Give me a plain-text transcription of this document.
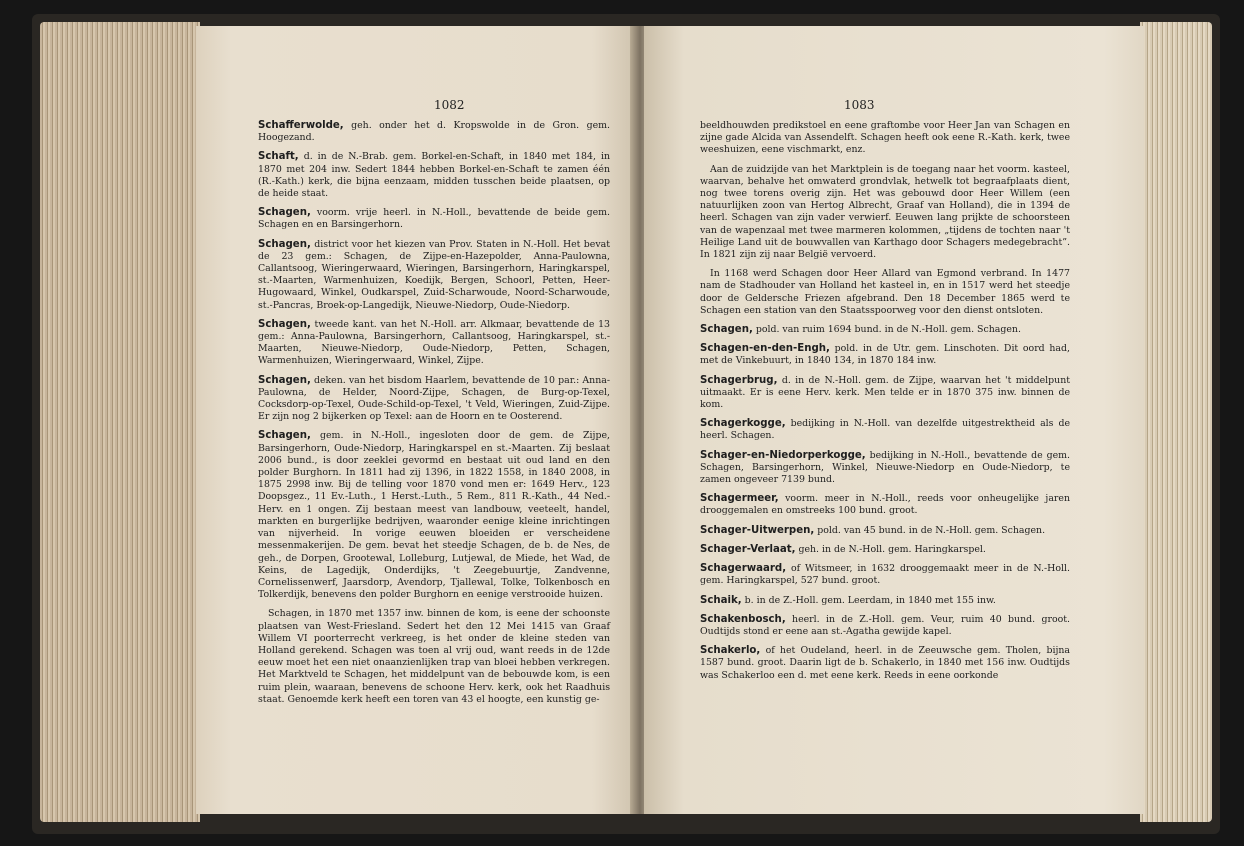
1082

Schafferwolde, geh. onder het d. Kropswolde in de Gron. gem. Hoogezand.

Schaft, d. in de N.-Brab. gem. Borkel-en-Schaft, in 1840 met 184, in 1870 met 204 inw. Sedert 1844 hebben Borkel-en-Schaft te zamen één (R.-Kath.) kerk, die bijna eenzaam, midden tusschen beide plaatsen, op de heide staat.

Schagen, voorm. vrije heerl. in N.-Holl., bevattende de beide gem. Schagen en en Barsingerhorn.

Schagen, district voor het kiezen van Prov. Staten in N.-Holl. Het bevat de 23 gem.: Schagen, de Zijpe-en-Hazepolder, Anna-Paulowna, Callantsoog, Wieringerwaard, Wieringen, Barsingerhorn, Haringkarspel, st.-Maarten, Warmenhuizen, Koedijk, Bergen, Schoorl, Petten, Heer-Hugowaard, Winkel, Oudkarspel, Zuid-Scharwoude, Noord-Scharwoude, st.-Pancras, Broek-op-Langedijk, Nieuwe-Niedorp, Oude-Niedorp.

Schagen, tweede kant. van het N.-Holl. arr. Alkmaar, bevattende de 13 gem.: Anna-Paulowna, Barsingerhorn, Callantsoog, Haringkarspel, st.-Maarten, Nieuwe-Niedorp, Oude-Niedorp, Petten, Schagen, Warmenhuizen, Wieringerwaard, Winkel, Zijpe.

Schagen, deken. van het bisdom Haarlem, bevattende de 10 par.: Anna-Paulowna, de Helder, Noord-Zijpe, Schagen, de Burg-op-Texel, Cocksdorp-op-Texel, Oude-Schild-op-Texel, 't Veld, Wieringen, Zuid-Zijpe. Er zijn nog 2 bijkerken op Texel: aan de Hoorn en te Oosterend.

Schagen, gem. in N.-Holl., ingesloten door de gem. de Zijpe, Barsingerhorn, Oude-Niedorp, Haringkarspel en st.-Maarten. Zij beslaat 2006 bund., is door zeeklei gevormd en bestaat uit oud land en den polder Burghorn. In 1811 had zij 1396, in 1822 1558, in 1840 2008, in 1875 2998 inw. Bij de telling voor 1870 vond men er: 1649 Herv., 123 Doopsgez., 11 Ev.-Luth., 1 Herst.-Luth., 5 Rem., 811 R.-Kath., 44 Ned.-Herv. en 1 ongen. Zij bestaan meest van landbouw, veeteelt, handel, markten en burgerlijke bedrijven, waaronder eenige kleine inrichtingen van nijverheid. In vorige eeuwen bloeiden er verscheidene messenmakerijen. De gem. bevat het steedje Schagen, de b. de Nes, de geh., de Dorpen, Grootewal, Lolleburg, Lutjewal, de Miede, het Wad, de Keins, de Lagedijk, Onderdijks, 't Zeegebuurtje, Zandvenne, Cornelissenwerf, Jaarsdorp, Avendorp, Tjallewal, Tolke, Tolkenbosch en Tolkerdijk, benevens den polder Burghorn en eenige verstrooide huizen.

Schagen, in 1870 met 1357 inw. binnen de kom, is eene der schoonste plaatsen van West-Friesland. Sedert het den 12 Mei 1415 van Graaf Willem VI poorterrecht verkreeg, is het onder de kleine steden van Holland gerekend. Schagen was toen al vrij oud, want reeds in de 12de eeuw moet het een niet onaanzienlijken trap van bloei hebben verkregen. Het Marktveld te Schagen, het middelpunt van de bebouwde kom, is een ruim plein, waaraan, benevens de schoone Herv. kerk, ook het Raadhuis staat. Genoemde kerk heeft een toren van 43 el hoogte, een kunstig ge-

1083

beeldhouwden predikstoel en eene graftombe voor Heer Jan van Schagen en zijne gade Alcida van Assendelft. Schagen heeft ook eene R.-Kath. kerk, twee weeshuizen, eene vischmarkt, enz.

Aan de zuidzijde van het Marktplein is de toegang naar het voorm. kasteel, waarvan, behalve het omwaterd grondvlak, hetwelk tot begraafplaats dient, nog twee torens overig zijn. Het was gebouwd door Heer Willem (een natuurlijken zoon van Hertog Albrecht, Graaf van Holland), die in 1394 de heerl. Schagen van zijn vader verwierf. Eeuwen lang prijkte de schoorsteen van de wapenzaal met twee marmeren kolommen, „tijdens de tochten naar 't Heilige Land uit de bouwvallen van Karthago door Schagers medegebracht”. In 1821 zijn zij naar België vervoerd.

In 1168 werd Schagen door Heer Allard van Egmond verbrand. In 1477 nam de Stadhouder van Holland het kasteel in, en in 1517 werd het steedje door de Geldersche Friezen afgebrand. Den 18 December 1865 werd te Schagen een station van den Staatsspoorweg voor den dienst ontsloten.

Schagen, pold. van ruim 1694 bund. in de N.-Holl. gem. Schagen.

Schagen-en-den-Engh, pold. in de Utr. gem. Linschoten. Dit oord had, met de Vinkebuurt, in 1840 134, in 1870 184 inw.

Schagerbrug, d. in de N.-Holl. gem. de Zijpe, waarvan het 't middelpunt uitmaakt. Er is eene Herv. kerk. Men telde er in 1870 375 inw. binnen de kom.

Schagerkogge, bedijking in N.-Holl. van dezelfde uitgestrektheid als de heerl. Schagen.

Schager-en-Niedorperkogge, bedijking in N.-Holl., bevattende de gem. Schagen, Barsingerhorn, Winkel, Nieuwe-Niedorp en Oude-Niedorp, te zamen ongeveer 7139 bund.

Schagermeer, voorm. meer in N.-Holl., reeds voor onheugelijke jaren drooggemalen en omstreeks 100 bund. groot.

Schager-Uitwerpen, pold. van 45 bund. in de N.-Holl. gem. Schagen.

Schager-Verlaat, geh. in de N.-Holl. gem. Haringkarspel.

Schagerwaard, of Witsmeer, in 1632 drooggemaakt meer in de N.-Holl. gem. Haringkarspel, 527 bund. groot.

Schaik, b. in de Z.-Holl. gem. Leerdam, in 1840 met 155 inw.

Schakenbosch, heerl. in de Z.-Holl. gem. Veur, ruim 40 bund. groot. Oudtijds stond er eene aan st.-Agatha gewijde kapel.

Schakerlo, of het Oudeland, heerl. in de Zeeuwsche gem. Tholen, bijna 1587 bund. groot. Daarin ligt de b. Schakerlo, in 1840 met 156 inw. Oudtijds was Schakerloo een d. met eene kerk. Reeds in eene oorkonde
